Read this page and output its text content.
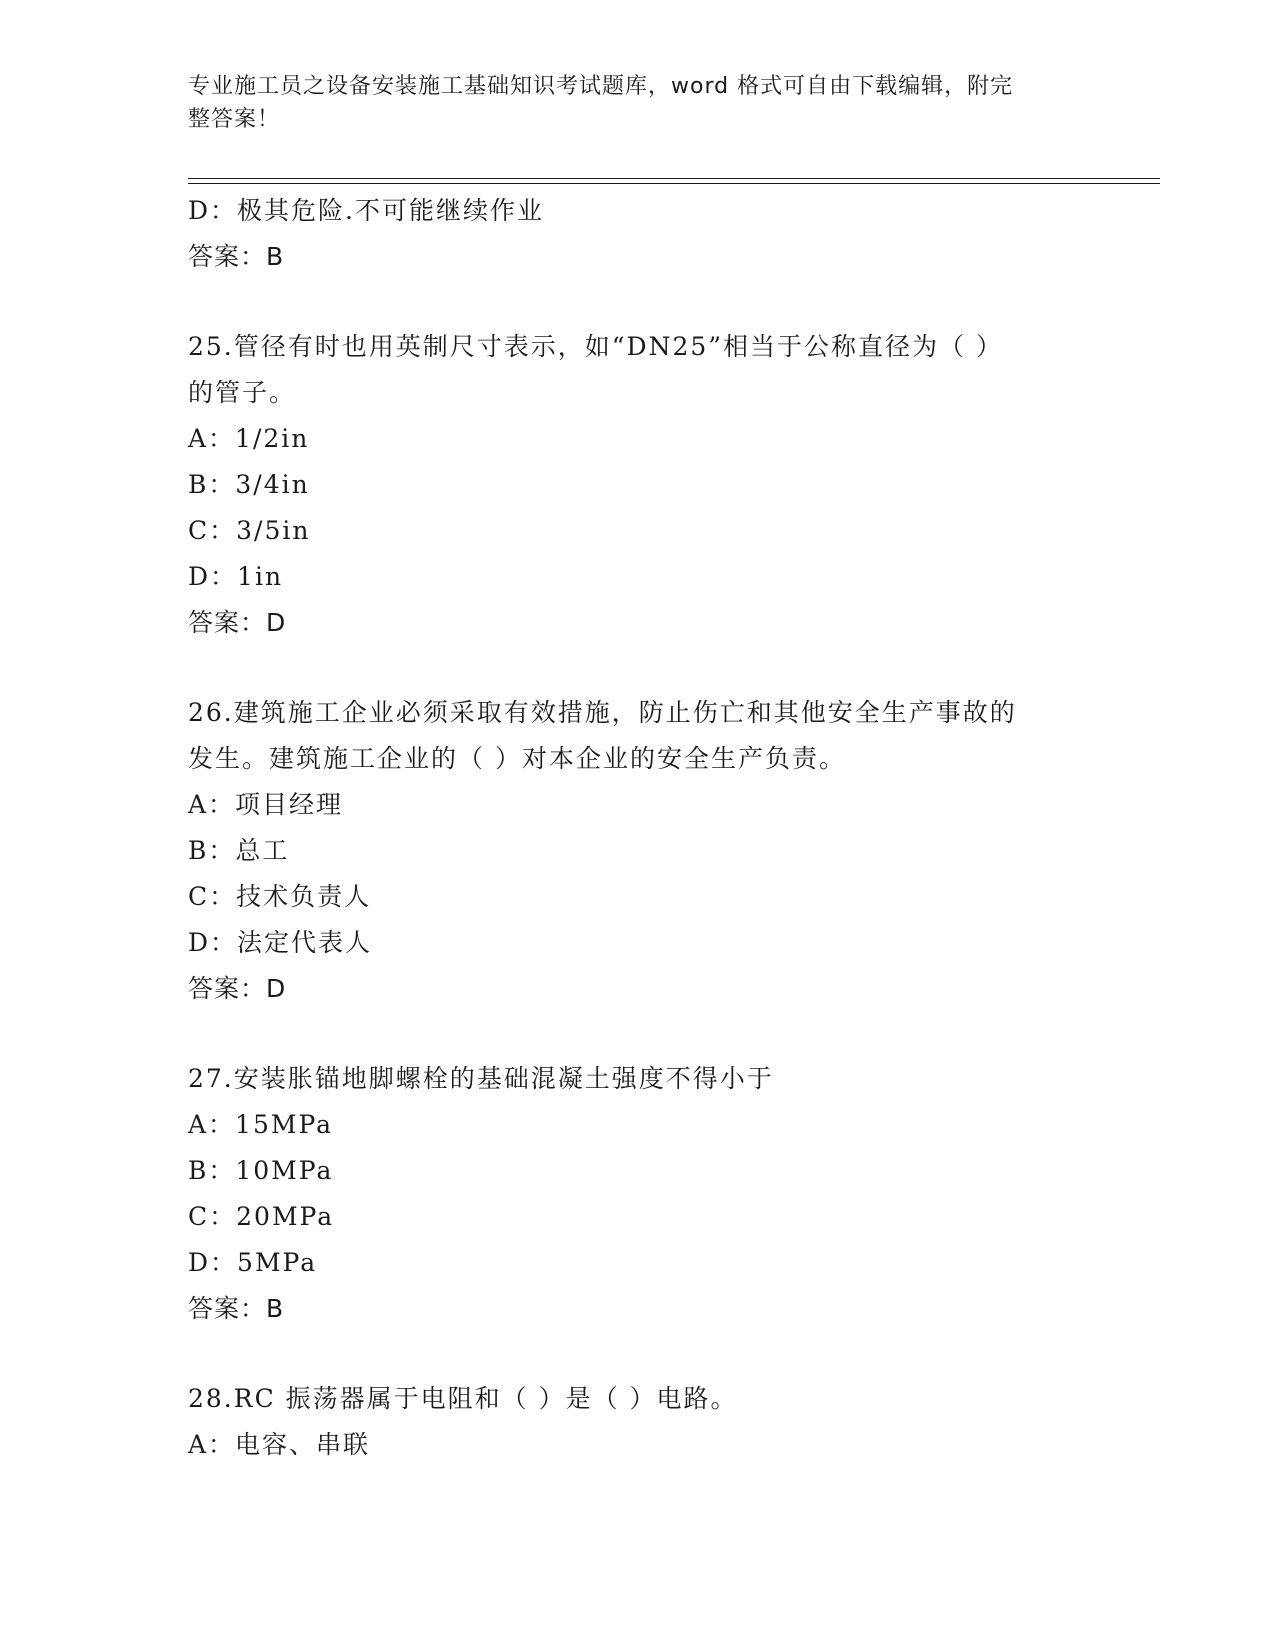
专业施工员之设备安装施工基础知识考试题库，word 格式可自由下载编辑，附完
整答案！
D：极其危险.不可能继续作业
答案：B
25.管径有时也用英制尺寸表示，如“DN25”相当于公称直径为（ ）
的管子。
A：1/2in
B：3/4in
C：3/5in
D：1in
答案：D
26.建筑施工企业必须采取有效措施，防止伤亡和其他安全生产事故的
发生。建筑施工企业的（ ）对本企业的安全生产负责。
A：项目经理
B：总工
C：技术负责人
D：法定代表人
答案：D
27.安装胀锚地脚螺栓的基础混凝土强度不得小于
A：15MPa
B：10MPa
C：20MPa
D：5MPa
答案：B
28.RC 振荡器属于电阻和（ ）是（ ）电路。
A：电容、串联
